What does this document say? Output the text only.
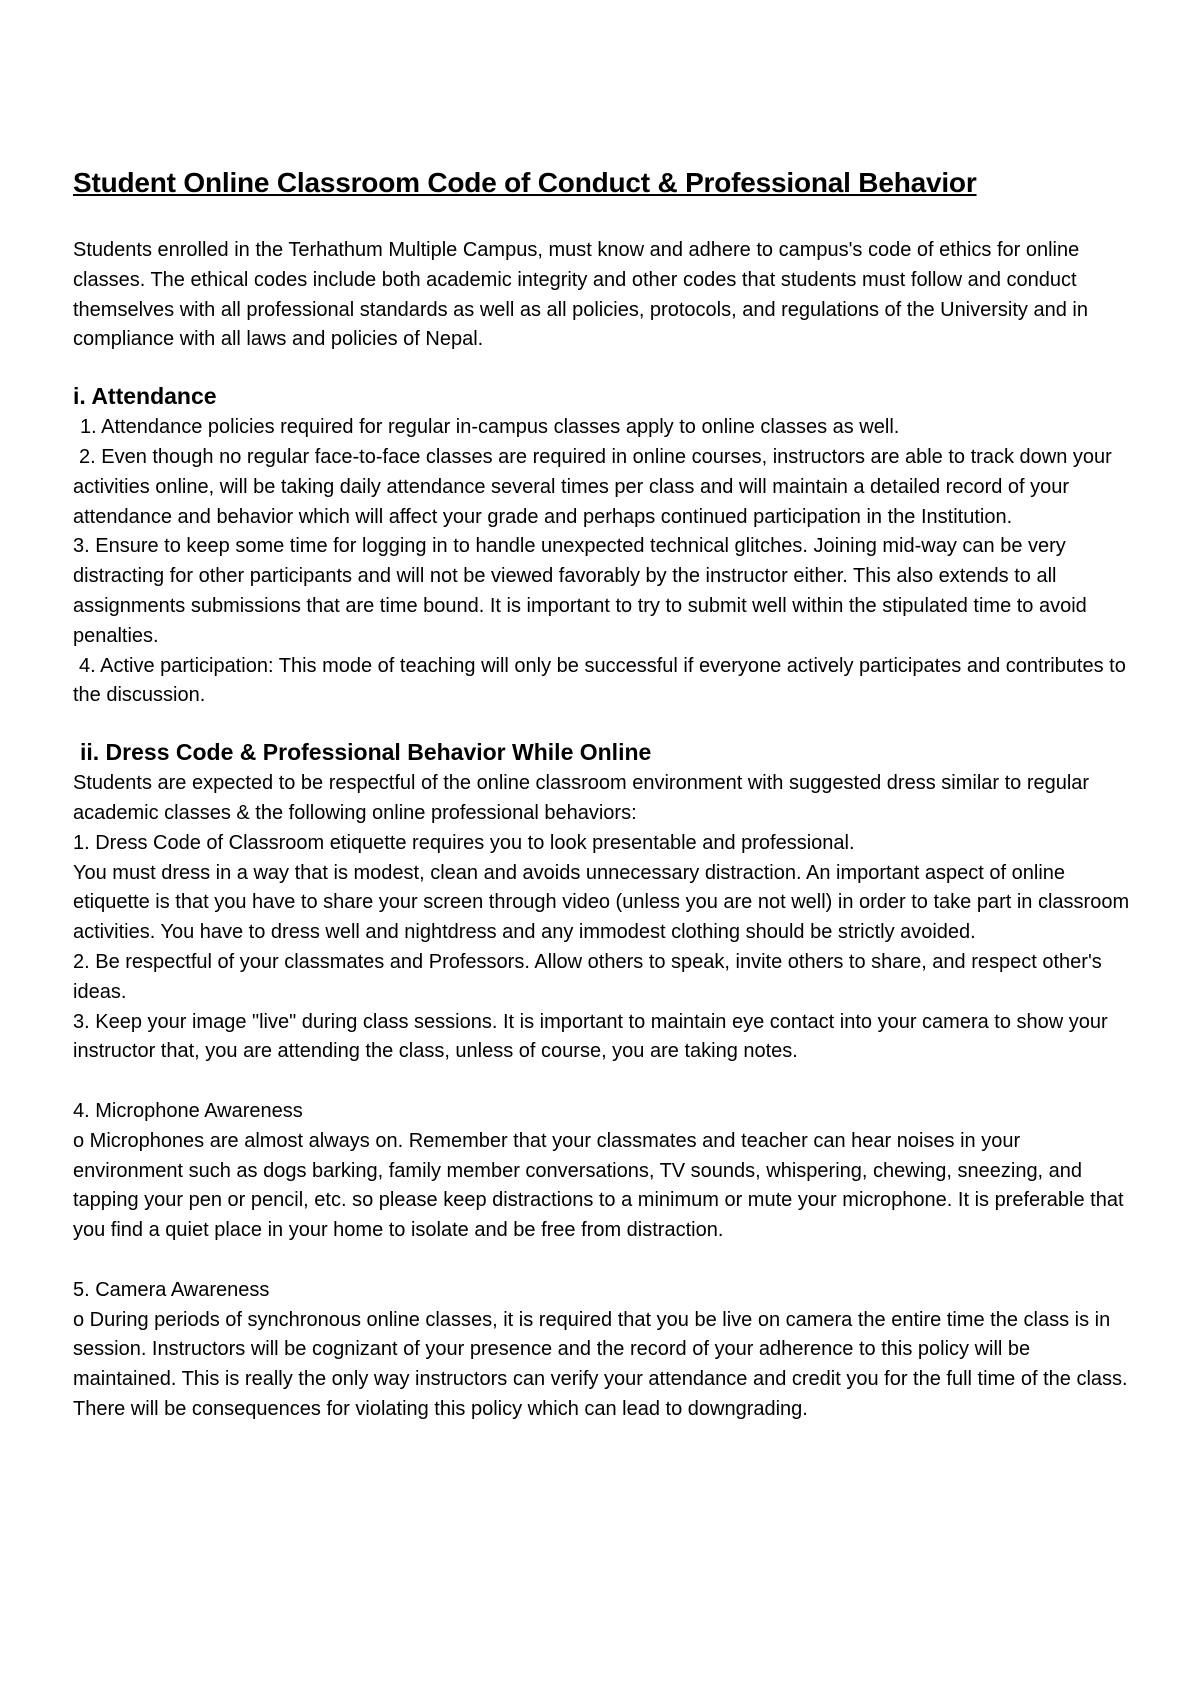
Student Online Classroom Code of Conduct & Professional Behavior

Students enrolled in the Terhathum Multiple Campus, must know and adhere to campus's code of ethics for online classes. The ethical codes include both academic integrity and other codes that students must follow and conduct themselves with all professional standards as well as all policies, protocols, and regulations of the University and in compliance with all laws and policies of Nepal.

i. Attendance

1. Attendance policies required for regular in-campus classes apply to online classes as well.

2. Even though no regular face-to-face classes are required in online courses, instructors are able to track down your activities online, will be taking daily attendance several times per class and will maintain a detailed record of your attendance and behavior which will affect your grade and perhaps continued participation in the Institution.

3. Ensure to keep some time for logging in to handle unexpected technical glitches. Joining mid-way can be very distracting for other participants and will not be viewed favorably by the instructor either. This also extends to all assignments submissions that are time bound. It is important to try to submit well within the stipulated time to avoid penalties.

4. Active participation: This mode of teaching will only be successful if everyone actively participates and contributes to the discussion.

ii. Dress Code & Professional Behavior While Online

Students are expected to be respectful of the online classroom environment with suggested dress similar to regular academic classes & the following online professional behaviors:

1. Dress Code of Classroom etiquette requires you to look presentable and professional.

You must dress in a way that is modest, clean and avoids unnecessary distraction. An important aspect of online etiquette is that you have to share your screen through video (unless you are not well) in order to take part in classroom activities. You have to dress well and nightdress and any immodest clothing should be strictly avoided.

2. Be respectful of your classmates and Professors. Allow others to speak, invite others to share, and respect other's ideas.

3. Keep your image "live" during class sessions. It is important to maintain eye contact into your camera to show your instructor that, you are attending the class, unless of course, you are taking notes.

4. Microphone Awareness

o Microphones are almost always on. Remember that your classmates and teacher can hear noises in your environment such as dogs barking, family member conversations, TV sounds, whispering, chewing, sneezing, and tapping your pen or pencil, etc. so please keep distractions to a minimum or mute your microphone. It is preferable that you find a quiet place in your home to isolate and be free from distraction.

5. Camera Awareness

o During periods of synchronous online classes, it is required that you be live on camera the entire time the class is in session. Instructors will be cognizant of your presence and the record of your adherence to this policy will be maintained. This is really the only way instructors can verify your attendance and credit you for the full time of the class. There will be consequences for violating this policy which can lead to downgrading.
